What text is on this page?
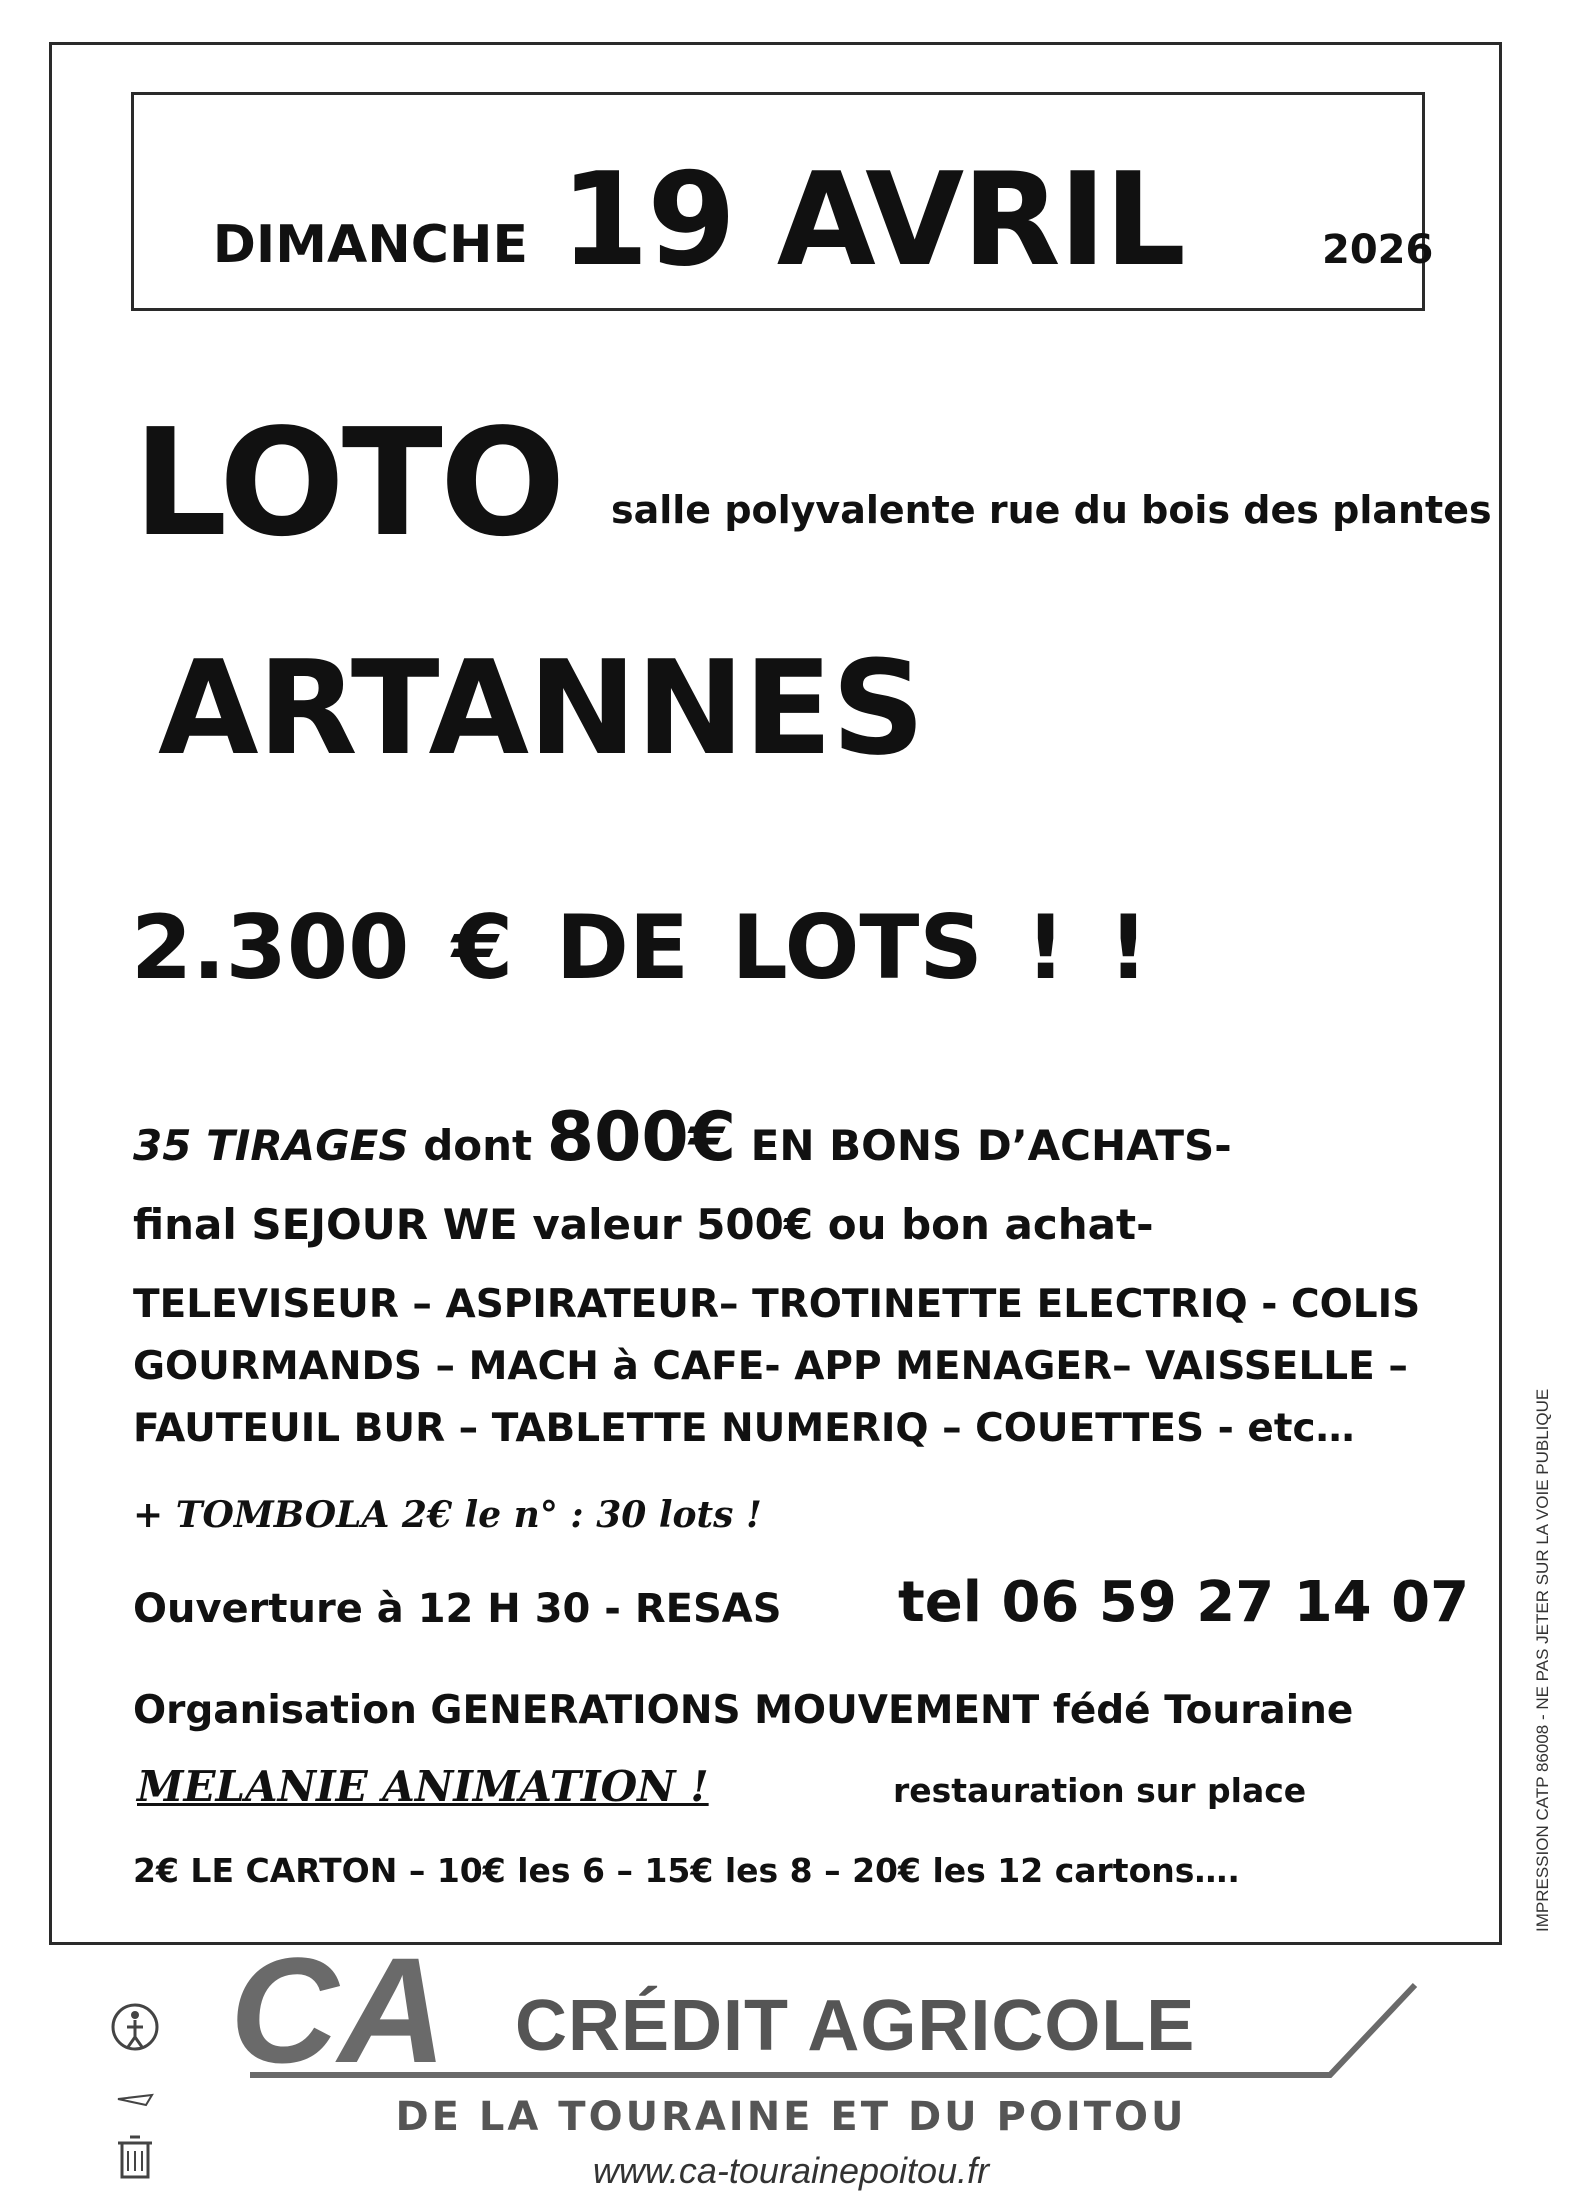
DIMANCHE 19 AVRIL	2026
LOTO salle polyvalente rue du bois des plantes
ARTANNES
2.300 € DE LOTS ! !
35 TIRAGES dont 800€ EN BONS D’ACHATS-
final SEJOUR WE valeur 500€ ou bon achat-
TELEVISEUR – ASPIRATEUR– TROTINETTE ELECTRIQ - COLIS
GOURMANDS – MACH à CAFE- APP MENAGER– VAISSELLE –
FAUTEUIL BUR – TABLETTE NUMERIQ – COUETTES - etc…
+ TOMBOLA 2€ le n° : 30 lots !
Ouverture à 12 H 30 - RESAS tel 06 59 27 14 07
Organisation GENERATIONS MOUVEMENT fédé Touraine
MELANIE ANIMATION !	restauration sur place
2€ LE CARTON – 10€ les 6 – 15€ les 8 – 20€ les 12 cartons….	IMPRESSION CATP 86008 - NE PAS JETER SUR LA VOIE PUBLIQUE
CA CRÉDIT AGRICOLE
DE LA TOURAINE ET DU POITOU
www.ca-tourainepoitou.fr
